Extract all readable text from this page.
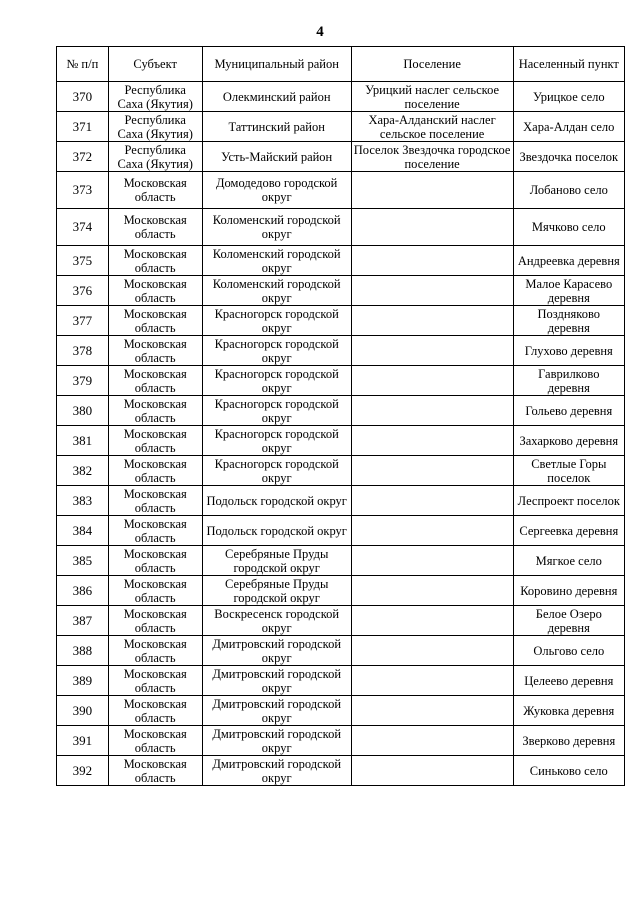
4
№ п/п	Субъект	Муниципальный район	Поселение	Населенный пункт
370	Республика Саха (Якутия)	Олекминский район	Урицкий наслег сельское поселение	Урицкое село
371	Республика Саха (Якутия)	Таттинский район	Хара-Алданский наслег сельское поселение	Хара-Алдан село
372	Республика Саха (Якутия)	Усть-Майский район	Поселок Звездочка городское поселение	Звездочка поселок
373	Московская область	Домодедово городской округ		Лобаново село
374	Московская область	Коломенский городской округ		Мячково село
375	Московская область	Коломенский городской округ		Андреевка деревня
376	Московская область	Коломенский городской округ		Малое Карасево деревня
377	Московская область	Красногорск городской округ		Поздняково деревня
378	Московская область	Красногорск городской округ		Глухово деревня
379	Московская область	Красногорск городской округ		Гаврилково деревня
380	Московская область	Красногорск городской округ		Гольево деревня
381	Московская область	Красногорск городской округ		Захарково деревня
382	Московская область	Красногорск городской округ		Светлые Горы поселок
383	Московская область	Подольск городской округ		Леспроект поселок
384	Московская область	Подольск городской округ		Сергеевка деревня
385	Московская область	Серебряные Пруды городской округ		Мягкое село
386	Московская область	Серебряные Пруды городской округ		Коровино деревня
387	Московская область	Воскресенск городской округ		Белое Озеро деревня
388	Московская область	Дмитровский городской округ		Ольгово село
389	Московская область	Дмитровский городской округ		Целеево деревня
390	Московская область	Дмитровский городской округ		Жуковка деревня
391	Московская область	Дмитровский городской округ		Зверково деревня
392	Московская область	Дмитровский городской округ		Синьково село
